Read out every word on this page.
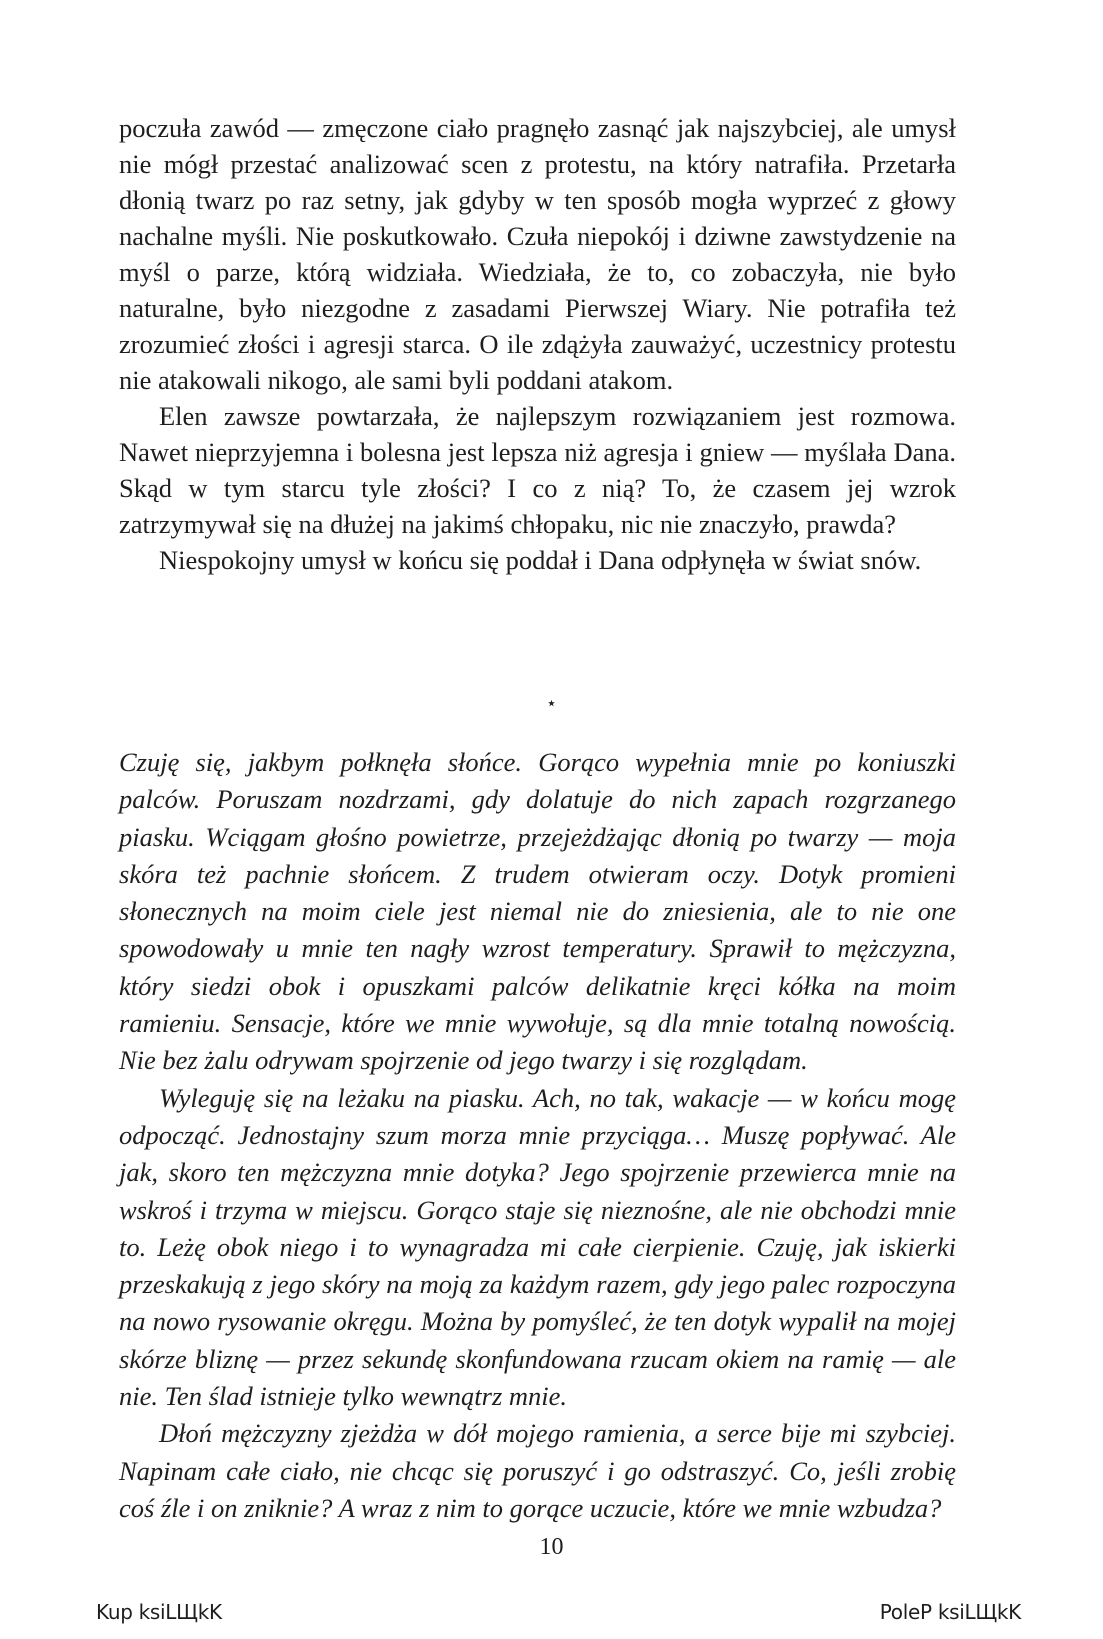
poczuła zawód — zmęczone ciało pragnęło zasnąć jak najszybciej, ale umysł nie mógł przestać analizować scen z protestu, na który natrafiła. Przetarła dłonią twarz po raz setny, jak gdyby w ten sposób mogła wyprzeć z głowy nachalne myśli. Nie poskutkowało. Czuła niepokój i dziwne zawstydzenie na myśl o parze, którą widziała. Wiedziała, że to, co zobaczyła, nie było naturalne, było niezgodne z zasadami Pierwszej Wiary. Nie potrafiła też zrozumieć złości i agresji starca. O ile zdążyła zauważyć, uczestnicy protestu nie atakowali nikogo, ale sami byli poddani atakom.

Elen zawsze powtarzała, że najlepszym rozwiązaniem jest rozmowa. Nawet nieprzyjemna i bolesna jest lepsza niż agresja i gniew — myślała Dana. Skąd w tym starcu tyle złości? I co z nią? To, że czasem jej wzrok zatrzymywał się na dłużej na jakimś chłopaku, nic nie znaczyło, prawda?

Niespokojny umysł w końcu się poddał i Dana odpłynęła w świat snów.

⋆

Czuję się, jakbym połknęła słońce. Gorąco wypełnia mnie po koniuszki palców. Poruszam nozdrzami, gdy dolatuje do nich zapach rozgrzanego piasku. Wciągam głośno powietrze, przejeżdżając dłonią po twarzy — moja skóra też pachnie słońcem. Z trudem otwieram oczy. Dotyk promieni słonecznych na moim ciele jest niemal nie do zniesienia, ale to nie one spowodowały u mnie ten nagły wzrost temperatury. Sprawił to mężczyzna, który siedzi obok i opuszkami palców delikatnie kręci kółka na moim ramieniu. Sensacje, które we mnie wywołuje, są dla mnie totalną nowością. Nie bez żalu odrywam spojrzenie od jego twarzy i się rozglądam.

Wyleguję się na leżaku na piasku. Ach, no tak, wakacje — w końcu mogę odpocząć. Jednostajny szum morza mnie przyciąga… Muszę popływać. Ale jak, skoro ten mężczyzna mnie dotyka? Jego spojrzenie przewierca mnie na wskroś i trzyma w miejscu. Gorąco staje się nieznośne, ale nie obchodzi mnie to. Leżę obok niego i to wynagradza mi całe cierpienie. Czuję, jak iskierki przeskakują z jego skóry na moją za każdym razem, gdy jego palec rozpoczyna na nowo rysowanie okręgu. Można by pomyśleć, że ten dotyk wypalił na mojej skórze bliznę — przez sekundę skonfundowana rzucam okiem na ramię — ale nie. Ten ślad istnieje tylko wewnątrz mnie.

Dłoń mężczyzny zjeżdża w dół mojego ramienia, a serce bije mi szybciej. Napinam całe ciało, nie chcąc się poruszyć i go odstraszyć. Co, jeśli zrobię coś źle i on zniknie? A wraz z nim to gorące uczucie, które we mnie wzbudza?

10
Kup ksiLЩkK	PoleP ksiLЩkK
